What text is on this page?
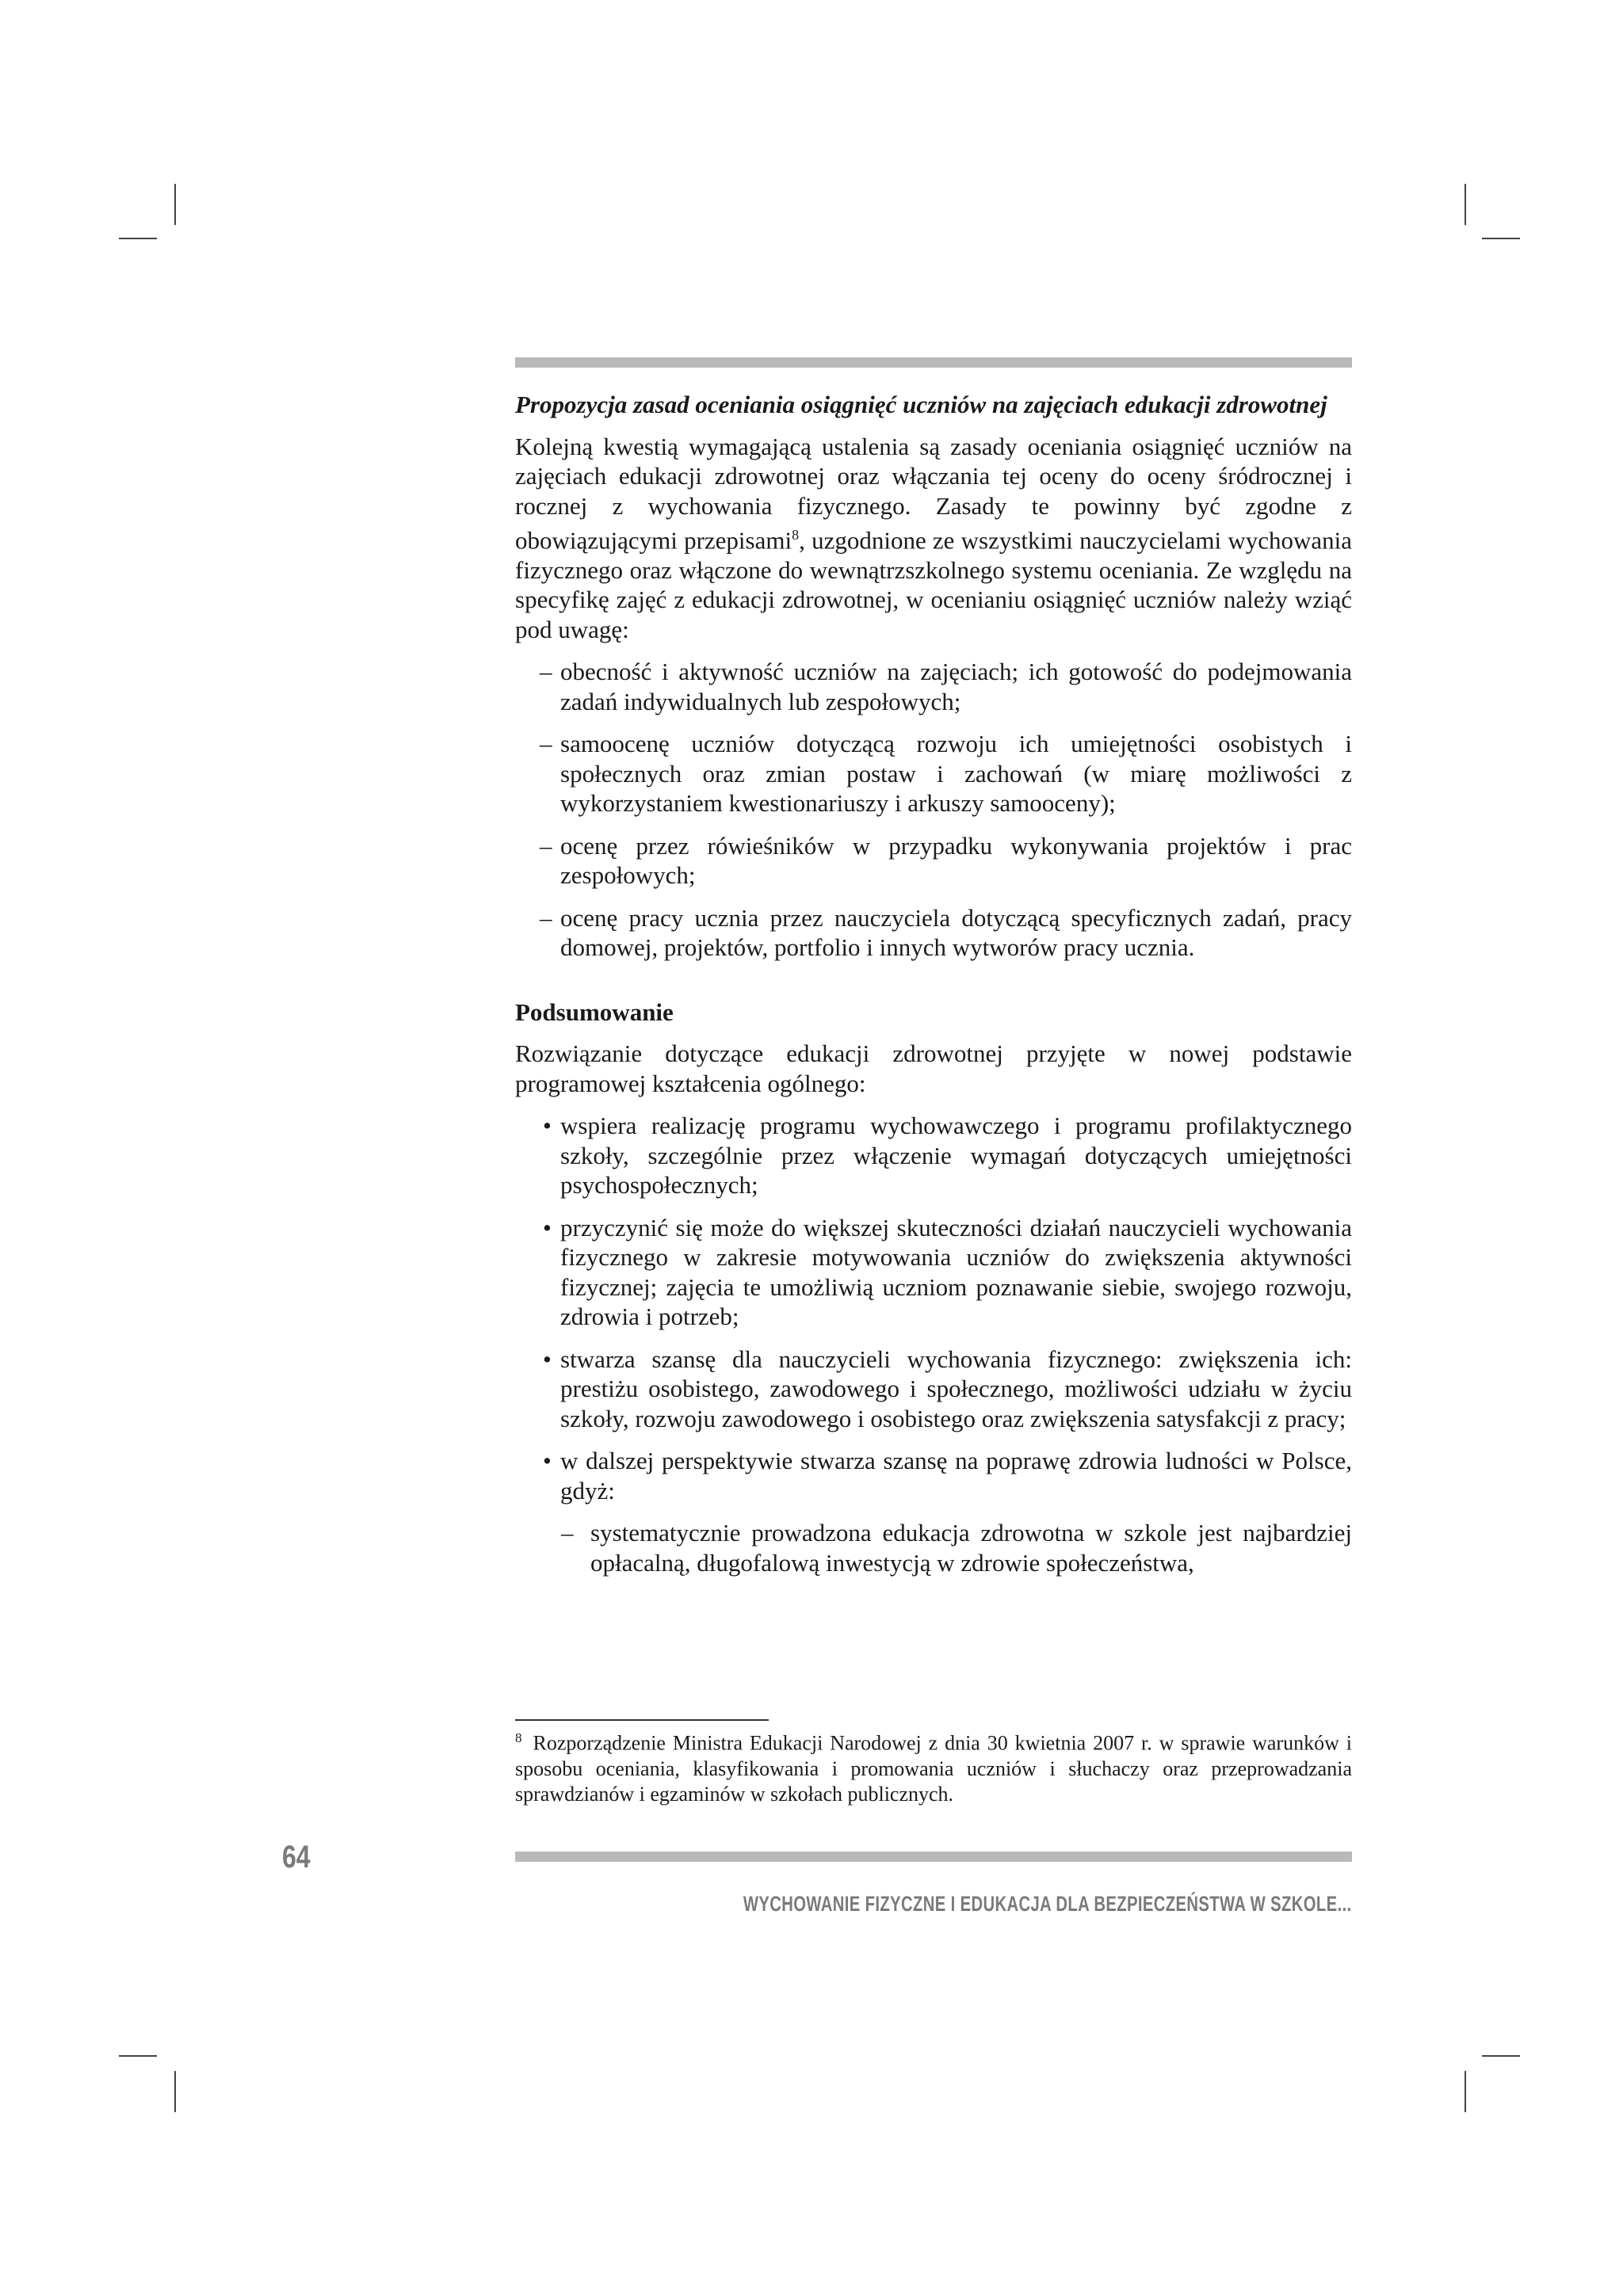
Propozycja zasad oceniania osiągnięć uczniów na zajęciach edukacji zdrowotnej

Kolejną kwestią wymagającą ustalenia są zasady oceniania osiągnięć uczniów na zajęciach edukacji zdrowotnej oraz włączania tej oceny do oceny śródrocznej i rocznej z wychowania fizycznego. Zasady te powinny być zgodne z obowiązującymi przepisami$^8$, uzgodnione ze wszystkimi nauczycielami wychowania fizycznego oraz włączone do wewnątrzszkolnego systemu oceniania. Ze względu na specyfikę zajęć z edukacji zdrowotnej, w ocenianiu osiągnięć uczniów należy wziąć pod uwagę:

– obecność i aktywność uczniów na zajęciach; ich gotowość do podejmowania zadań indywidualnych lub zespołowych;
– samoocenę uczniów dotyczącą rozwoju ich umiejętności osobistych i społecznych oraz zmian postaw i zachowań (w miarę możliwości z wykorzystaniem kwestionariuszy i arkuszy samooceny);
– ocenę przez rówieśników w przypadku wykonywania projektów i prac zespołowych;
– ocenę pracy ucznia przez nauczyciela dotyczącą specyficznych zadań, pracy domowej, projektów, portfolio i innych wytworów pracy ucznia.

Podsumowanie

Rozwiązanie dotyczące edukacji zdrowotnej przyjęte w nowej podstawie programowej kształcenia ogólnego:

• wspiera realizację programu wychowawczego i programu profilaktycznego szkoły, szczególnie przez włączenie wymagań dotyczących umiejętności psychospołecznych;
• przyczynić się może do większej skuteczności działań nauczycieli wychowania fizycznego w zakresie motywowania uczniów do zwiększenia aktywności fizycznej; zajęcia te umożliwią uczniom poznawanie siebie, swojego rozwoju, zdrowia i potrzeb;
• stwarza szansę dla nauczycieli wychowania fizycznego: zwiększenia ich: prestiżu osobistego, zawodowego i społecznego, możliwości udziału w życiu szkoły, rozwoju zawodowego i osobistego oraz zwiększenia satysfakcji z pracy;
• w dalszej perspektywie stwarza szansę na poprawę zdrowia ludności w Polsce, gdyż:
– systematycznie prowadzona edukacja zdrowotna w szkole jest najbardziej opłacalną, długofalową inwestycją w zdrowie społeczeństwa,

$^8$ Rozporządzenie Ministra Edukacji Narodowej z dnia 30 kwietnia 2007 r. w sprawie warunków i sposobu oceniania, klasyfikowania i promowania uczniów i słuchaczy oraz przeprowadzania sprawdzianów i egzaminów w szkołach publicznych.

64
WYCHOWANIE FIZYCZNE I EDUKACJA DLA BEZPIECZEŃSTWA W SZKOLE...
